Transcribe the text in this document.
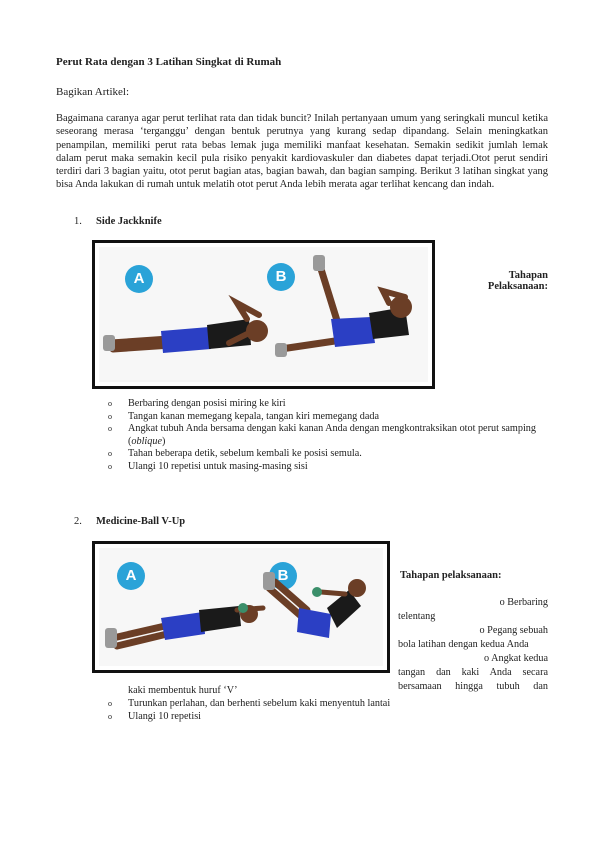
Perut Rata dengan 3 Latihan Singkat di Rumah
Bagikan Artikel:

Bagaimana caranya agar perut terlihat rata dan tidak buncit? Inilah pertanyaan umum yang seringkali muncul ketika seseorang merasa ‘terganggu’ dengan bentuk perutnya yang kurang sedap dipandang. Selain meningkatkan penampilan, memiliki perut rata bebas lemak juga memiliki manfaat kesehatan. Semakin sedikit jumlah lemak dalam perut maka semakin kecil pula risiko penyakit kardiovaskuler dan diabetes dapat terjadi.Otot perut sendiri terdiri dari 3 bagian yaitu, otot perut bagian atas, bagian bawah, dan bagian samping. Berikut 3 latihan singkat yang bisa Anda lakukan di rumah untuk melatih otot perut Anda lebih merata agar terlihat kencang dan indah.

1. Side Jackknife
A	B	Tahapan
Pelaksanaan:
o Berbaring dengan posisi miring ke kiri
o Tangan kanan memegang kepala, tangan kiri memegang dada
o Angkat tubuh Anda bersama dengan kaki kanan Anda dengan mengkontraksikan otot perut samping (oblique)
o Tahan beberapa detik, sebelum kembali ke posisi semula.
o Ulangi 10 repetisi untuk masing-masing sisi
2. Medicine-Ball V-Up
A	B	Tahapan pelaksanaan:
o Berbaring
telentang
o Pegang sebuah
bola latihan dengan kedua Anda
o Angkat kedua
tangan dan kaki Anda secara
bersamaan hingga tubuh dan
kaki membentuk huruf ‘V’
o Turunkan perlahan, dan berhenti sebelum kaki menyentuh lantai
o Ulangi 10 repetisi
